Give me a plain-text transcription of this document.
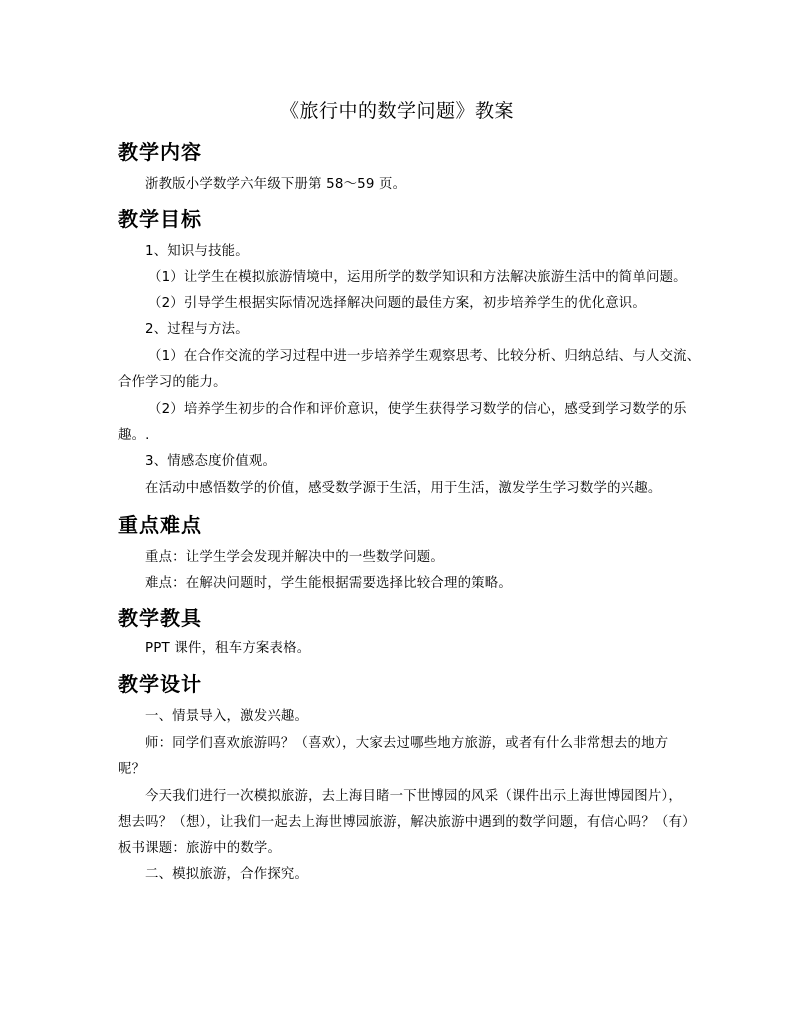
《旅行中的数学问题》教案
教学内容
浙教版小学数学六年级下册第 58～59 页。
教学目标
1、知识与技能。
（1）让学生在模拟旅游情境中，运用所学的数学知识和方法解决旅游生活中的简单问题。
（2）引导学生根据实际情况选择解决问题的最佳方案，初步培养学生的优化意识。
2、过程与方法。
（1）在合作交流的学习过程中进一步培养学生观察思考、比较分析、归纳总结、与人交流、
合作学习的能力。
（2）培养学生初步的合作和评价意识，使学生获得学习数学的信心，感受到学习数学的乐
趣。.
3、情感态度价值观。
在活动中感悟数学的价值，感受数学源于生活，用于生活，激发学生学习数学的兴趣。
重点难点
重点：让学生学会发现并解决中的一些数学问题。
难点：在解决问题时，学生能根据需要选择比较合理的策略。
教学教具
PPT 课件，租车方案表格。
教学设计
一、情景导入，激发兴趣。
师：同学们喜欢旅游吗？（喜欢），大家去过哪些地方旅游，或者有什么非常想去的地方
呢？
今天我们进行一次模拟旅游，去上海目睹一下世博园的风采（课件出示上海世博园图片），
想去吗？（想），让我们一起去上海世博园旅游，解决旅游中遇到的数学问题，有信心吗？（有）
板书课题：旅游中的数学。
二、模拟旅游，合作探究。
